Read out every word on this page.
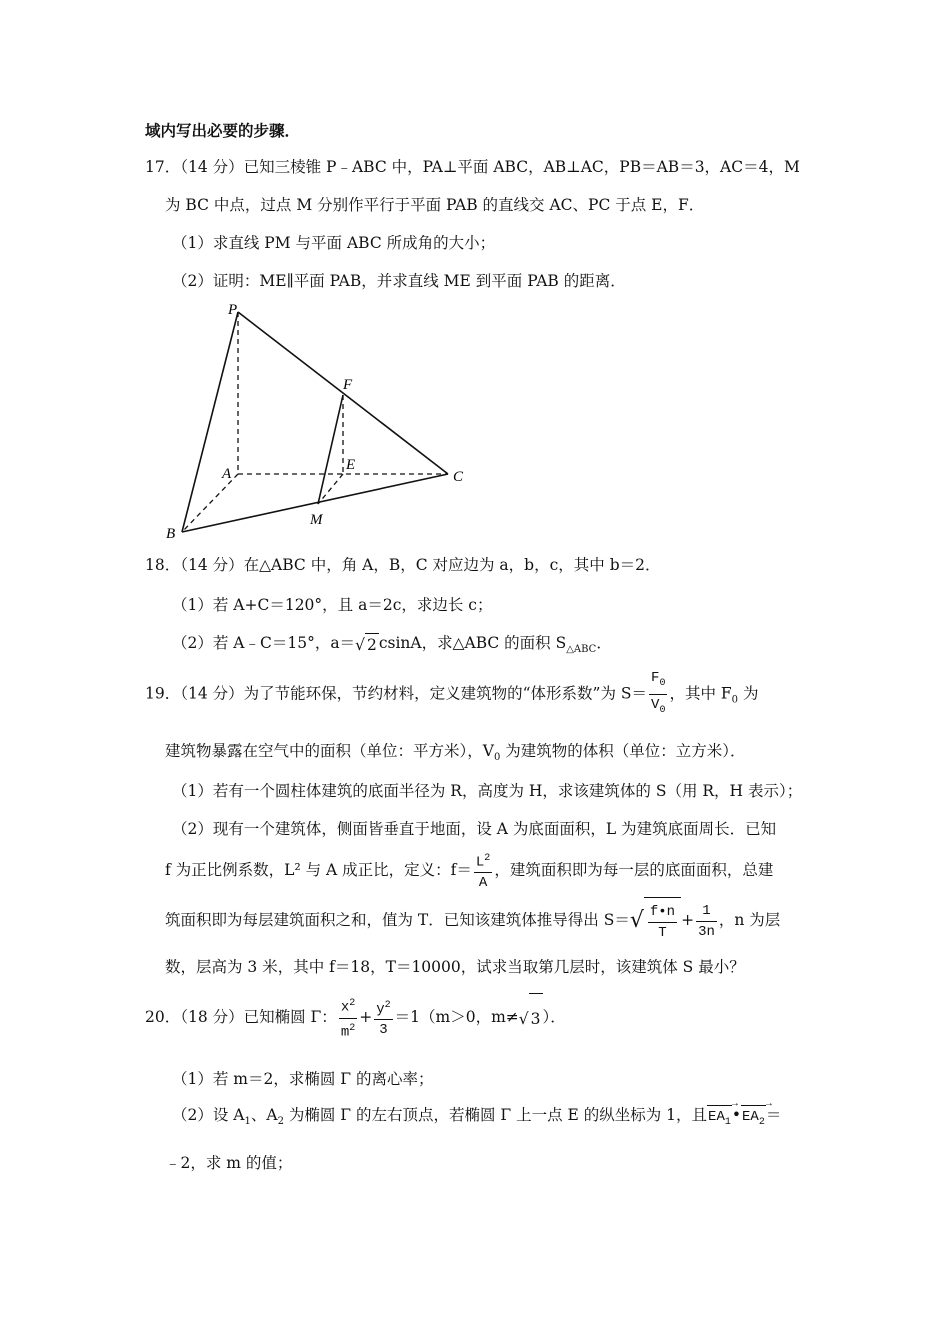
域内写出必要的步骤．
17．（14 分）已知三棱锥 P﹣ABC 中，PA⊥平面 ABC，AB⊥AC，PB＝AB＝3，AC＝4，M
为 BC 中点，过点 M 分别作平行于平面 PAB 的直线交 AC、PC 于点 E，F．
（1）求直线 PM 与平面 ABC 所成角的大小；
（2）证明：ME∥平面 PAB，并求直线 ME 到平面 PAB 的距离．
P
A
B
C
E
F
M
18．（14 分）在△ABC 中，角 A，B，C 对应边为 a，b，c，其中 b＝2．
（1）若 A+C＝120°，且 a＝2c，求边长 c；
（2）若 A﹣C＝15°，a＝√ 2 csinA，求△ABC 的面积 $S_{\triangle ABC}$．
19．（14 分）为了节能环保，节约材料，定义建筑物的“体形系数”为 $S= \frac{F_0}{V_0}$ ，其中 $F_0$ 为
建筑物暴露在空气中的面积（单位：平方米），$V_0$ 为建筑物的体积（单位：立方米）．
（1）若有一个圆柱体建筑的底面半径为 R，高度为 H，求该建筑体的 S（用 R，H 表示）；
（2）现有一个建筑体，侧面皆垂直于地面，设 A 为底面面积，L 为建筑底面周长．已知
f 为正比例系数，L² 与 A 成正比，定义：$f= \frac{L^2}{A}$ ，建筑面积即为每一层的底面面积，总建
筑面积即为每层建筑面积之和，值为 T．已知该建筑体推导得出 $S=√ \frac{f•n}{T} + \frac{1}{3n}$ ，n 为层
数，层高为 3 米，其中 f＝18，T＝10000，试求当取第几层时，该建筑体 S 最小？
20．（18 分）已知椭圆 Γ： $\frac{x^2}{m^2} + \frac{y^2}{3} =1(m>0$，m≠√ 3 ）．
（1）若 m＝2，求椭圆 Γ 的离心率；
（2）设 $A_1$、$A_2$ 为椭圆 Γ 的左右顶点，若椭圆 Γ 上一点 E 的纵坐标为 1，且$EA_1$ $\to•EA_2$ →＝
﹣2，求 m 的值；
